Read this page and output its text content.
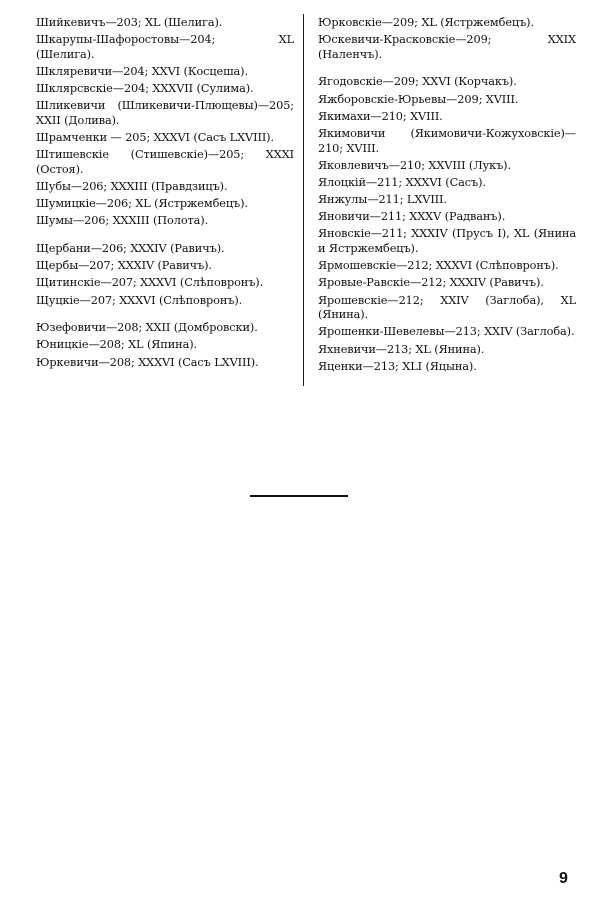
Шийкевичъ—203; XL (Шелига).
Шкарупы-Шафоростовы—204; XL (Шелига).
Шкляревичи—204; XXVI (Косцеша).
Шклярсвскіе—204; XXXVII (Сулима).
Шликевичи (Шликевичи-Плющевы)—205; XXII (Долива).
Шрамченки — 205; XXXVI (Сасъ LXVIII).
Штишевскіе (Стишевскіе)—205; XXXI (Остоя).
Шубы—206; XXXIII (Правдзицъ).
Шумицкіе—206; XL (Ястржембецъ).
Шумы—206; XXXIII (Полота).
Щербани—206; XXXIV (Равичъ).
Щербы—207; XXXIV (Равичъ).
Щитинскіе—207; XXXVI (Слѣповронъ).
Щуцкіе—207; XXXVI (Слѣповронъ).
Юзефовичи—208; XXII (Домбровски).
Юницкіе—208; XL (Япина).
Юркевичи—208; XXXVI (Сасъ LXVIII).
Юрковскіе—209; XL (Ястржембецъ).
Юскевичи-Красковскіе—209; XXIX (Наленчъ).
Ягодовскіе—209; XXVI (Корчакъ).
Яжборовскіе-Юрьевы—209; XVIII.
Якимахи—210; XVIII.
Якимовичи (Якимовичи-Кожуховскіе)—210; XVIII.
Яковлевичъ—210; XXVIII (Лукъ).
Ялоцкій—211; XXXVI (Сасъ).
Янжулы—211; LXVIII.
Яновичи—211; XXXV (Радванъ).
Яновскіе—211; XXXIV (Прусъ I), XL (Янина и Ястржембецъ).
Ярмошевскіе—212; XXXVI (Слѣповронъ).
Яровые-Равскіе—212; XXXIV (Равичъ).
Ярошевскіе—212; XXIV (Заглоба), XL (Янина).
Ярошенки-Шевелевы—213; XXIV (Заглоба).
Яхневичи—213; XL (Янина).
Яценки—213; XLI (Яцына).
9
